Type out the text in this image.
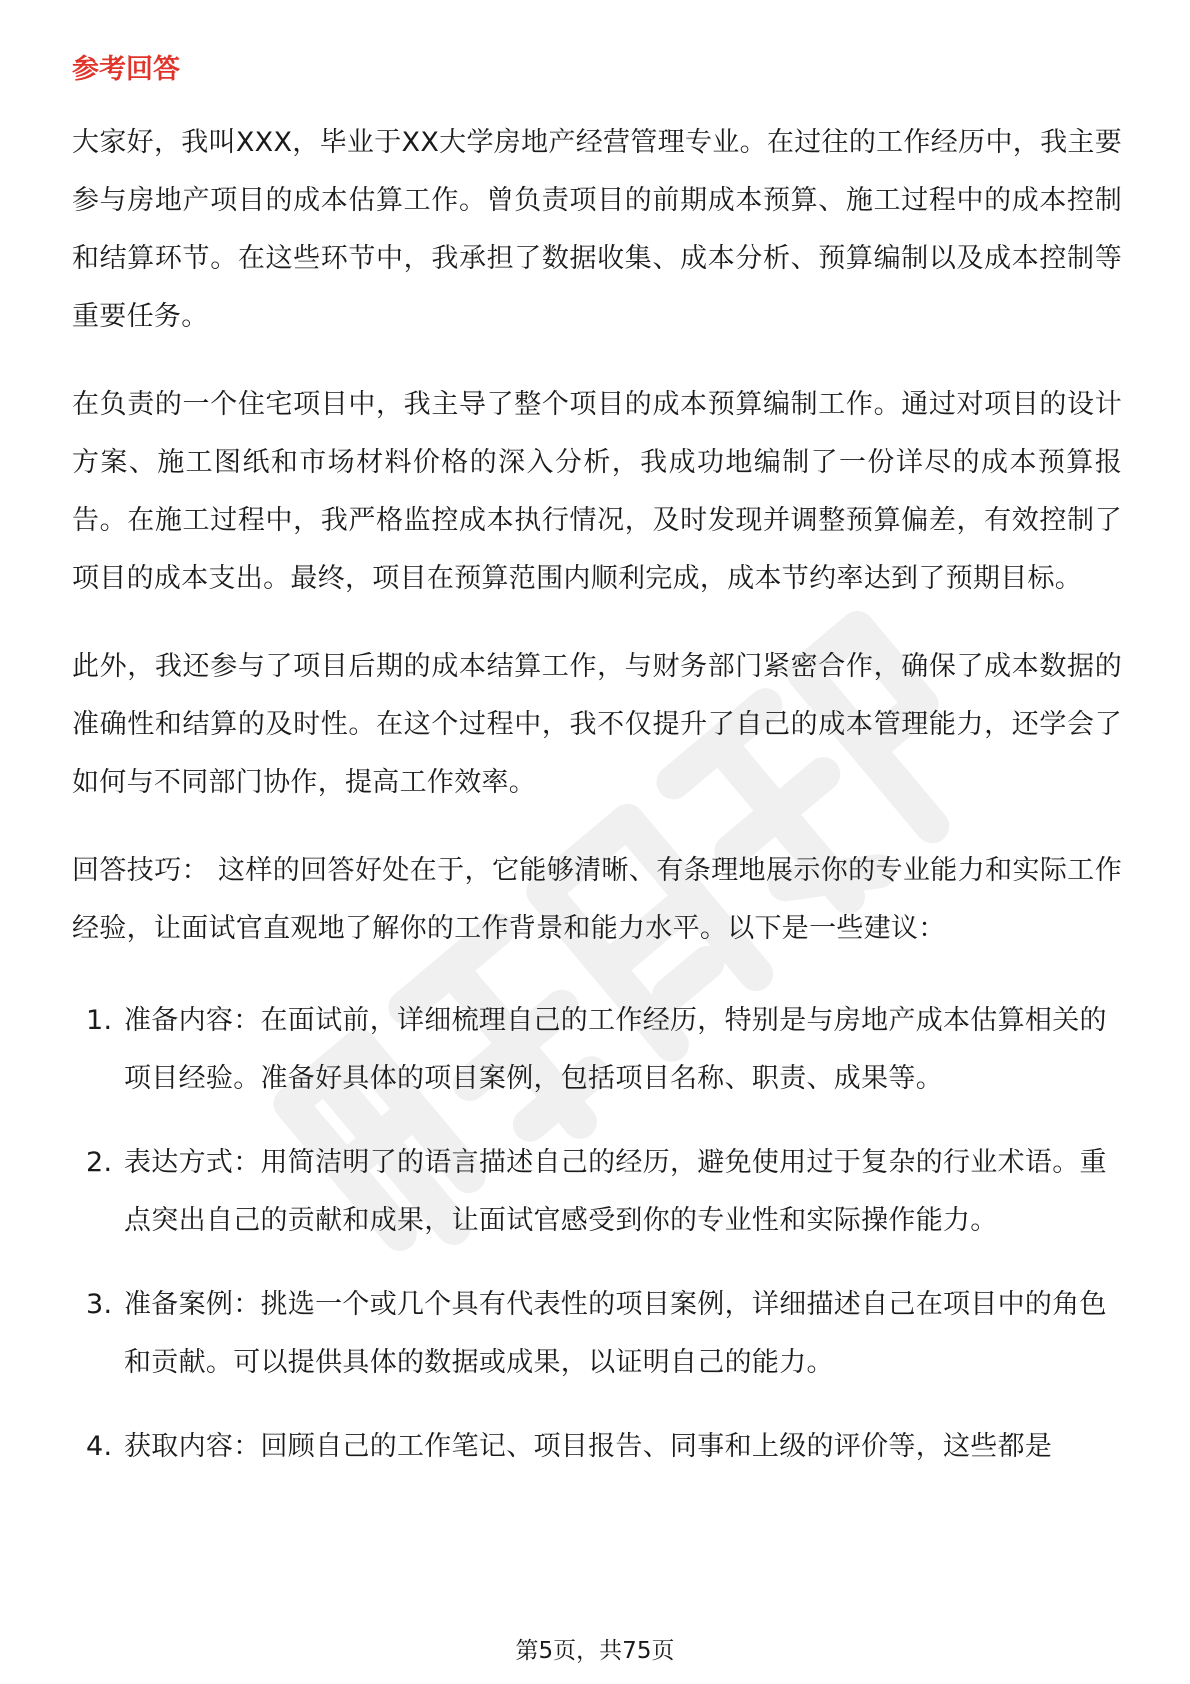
参考回答

大家好，我叫XXX，毕业于XX大学房地产经营管理专业。在过往的工作经历中，我主要参与房地产项目的成本估算工作。曾负责项目的前期成本预算、施工过程中的成本控制和结算环节。在这些环节中，我承担了数据收集、成本分析、预算编制以及成本控制等重要任务。

在负责的一个住宅项目中，我主导了整个项目的成本预算编制工作。通过对项目的设计方案、施工图纸和市场材料价格的深入分析，我成功地编制了一份详尽的成本预算报告。在施工过程中，我严格监控成本执行情况，及时发现并调整预算偏差，有效控制了项目的成本支出。最终，项目在预算范围内顺利完成，成本节约率达到了预期目标。

此外，我还参与了项目后期的成本结算工作，与财务部门紧密合作，确保了成本数据的准确性和结算的及时性。在这个过程中，我不仅提升了自己的成本管理能力，还学会了如何与不同部门协作，提高工作效率。

回答技巧： 这样的回答好处在于，它能够清晰、有条理地展示你的专业能力和实际工作经验，让面试官直观地了解你的工作背景和能力水平。以下是一些建议：

1. 准备内容：在面试前，详细梳理自己的工作经历，特别是与房地产成本估算相关的项目经验。准备好具体的项目案例，包括项目名称、职责、成果等。
2. 表达方式：用简洁明了的语言描述自己的经历，避免使用过于复杂的行业术语。重点突出自己的贡献和成果，让面试官感受到你的专业性和实际操作能力。
3. 准备案例：挑选一个或几个具有代表性的项目案例，详细描述自己在项目中的角色和贡献。可以提供具体的数据或成果，以证明自己的能力。
4. 获取内容：回顾自己的工作笔记、项目报告、同事和上级的评价等，这些都是
第5页，共75页
